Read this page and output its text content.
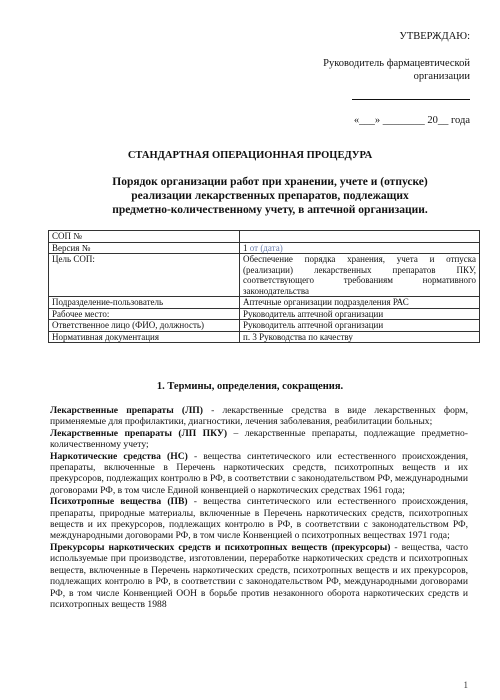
УТВЕРЖДАЮ:
Руководитель фармацевтической
организации
«___» ________ 20__ года
СТАНДАРТНАЯ ОПЕРАЦИОННАЯ ПРОЦЕДУРА
Порядок организации работ при хранении, учете и (отпуске) реализации лекарственных препаратов, подлежащих предметно-количественному учету, в аптечной организации.
СОП №	
Версия №	1 от (дата)
Цель СОП:	Обеспечение порядка хранения, учета и отпуска (реализации) лекарственных препаратов ПКУ, соответствующего требованиям нормативного законодательства
Подразделение-пользователь	Аптечные организации подразделения РАС
Рабочее место:	Руководитель аптечной организации
Ответственное лицо (ФИО, должность)	Руководитель аптечной организации
Нормативная документация	п. 3 Руководства по качеству
1. Термины, определения, сокращения.

Лекарственные препараты (ЛП) - лекарственные средства в виде лекарственных форм, применяемые для профилактики, диагностики, лечения заболевания, реабилитации больных;

Лекарственные препараты (ЛП ПКУ) – лекарственные препараты, подлежащие предметно-количественному учету;

Наркотические средства (НС) - вещества синтетического или естественного происхождения, препараты, включенные в Перечень наркотических средств, психотропных веществ и их прекурсоров, подлежащих контролю в РФ, в соответствии с законодательством РФ, международными договорами РФ, в том числе Единой конвенцией о наркотических средствах 1961 года;

Психотропные вещества (ПВ) - вещества синтетического или естественного происхождения, препараты, природные материалы, включенные в Перечень наркотических средств, психотропных веществ и их прекурсоров, подлежащих контролю в РФ, в соответствии с законодательством РФ, международными договорами РФ, в том числе Конвенцией о психотропных веществах 1971 года;

Прекурсоры наркотических средств и психотропных веществ (прекурсоры) - вещества, часто используемые при производстве, изготовлении, переработке наркотических средств и психотропных веществ, включенные в Перечень наркотических средств, психотропных веществ и их прекурсоров, подлежащих контролю в РФ, в соответствии с законодательством РФ, международными договорами РФ, в том числе Конвенцией ООН в борьбе против незаконного оборота наркотических средств и психотропных веществ 1988

1
